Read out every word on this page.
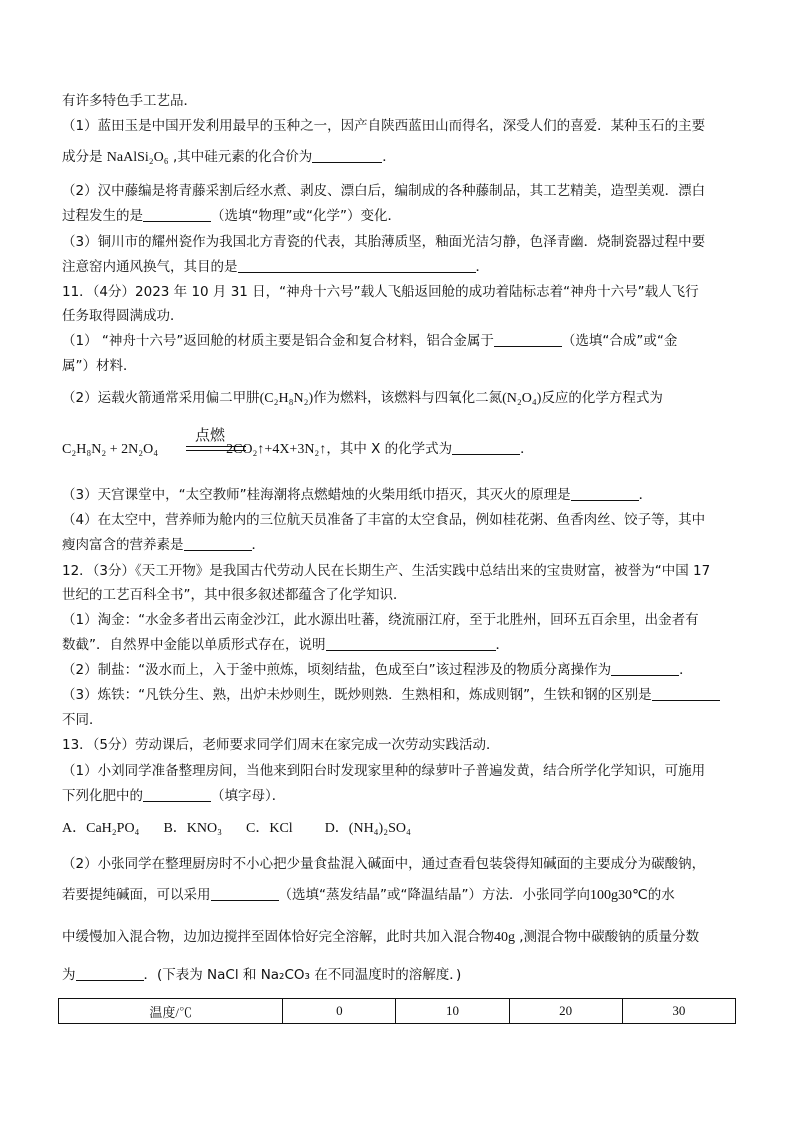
有许多特色手工艺品．
（1）蓝田玉是中国开发利用最早的玉种之一，因产自陕西蓝田山而得名，深受人们的喜爱．某种玉石的主要
成分是 NaAlSi₂O₆ ,其中硅元素的化合价为	．
（2）汉中藤编是将青藤采割后经水煮、剥皮、漂白后，编制成的各种藤制品，其工艺精美，造型美观．漂白
过程发生的是	（选填“物理”或“化学”）变化．
（3）铜川市的耀州瓷作为我国北方青瓷的代表，其胎薄质坚，釉面光洁匀静，色泽青幽．烧制瓷器过程中要
注意窑内通风换气，其目的是	．
11．（4分）2023 年 10 月 31 日，“神舟十六号”载人飞船返回舱的成功着陆标志着“神舟十六号”载人飞行
任务取得圆满成功．
（1） “神舟十六号”返回舱的材质主要是铝合金和复合材料，铝合金属于	（选填“合成”或“金
属”）材料．
（2）运载火箭通常采用偏二甲肼(C₂H₈N₂)作为燃料，该燃料与四氧化二氮(N₂O₄)反应的化学方程式为
点燃
C₂H₈N₂ + 2N₂O₄	2CO₂↑+4X+3N₂↑，其中 X 的化学式为	．
（3）天宫课堂中，“太空教师”桂海潮将点燃蜡烛的火柴用纸巾捂灭，其灭火的原理是	．
（4）在太空中，营养师为舱内的三位航天员准备了丰富的太空食品，例如桂花粥、鱼香肉丝、饺子等，其中
瘦肉富含的营养素是	．
12．（3分）《天工开物》是我国古代劳动人民在长期生产、生活实践中总结出来的宝贵财富，被誉为“中国 17
世纪的工艺百科全书”，其中很多叙述都蕴含了化学知识．
（1）淘金：“水金多者出云南金沙江，此水源出吐蕃，绕流丽江府，至于北胜州，回环五百余里，出金者有
数截”．自然界中金能以单质形式存在，说明	．
（2）制盐：“汲水而上，入于釜中煎炼，顷刻结盐，色成至白”该过程涉及的物质分离操作为	．
（3）炼铁：“凡铁分生、熟，出炉未炒则生，既炒则熟．生熟相和，炼成则钢”，生铁和钢的区别是
不同．
13．（5分）劳动课后，老师要求同学们周末在家完成一次劳动实践活动．
（1）小刘同学准备整理房间，当他来到阳台时发现家里种的绿萝叶子普遍发黄，结合所学化学知识，可施用
下列化肥中的	（填字母）．
A．CaH₂PO₄ B．KNO₃ C．KCl D．(NH₄)₂SO₄
（2）小张同学在整理厨房时不小心把少量食盐混入碱面中，通过查看包装袋得知碱面的主要成分为碳酸钠，
若要提纯碱面，可以采用	（选填“蒸发结晶”或“降温结晶”）方法．小张同学向100g30℃的水
中缓慢加入混合物，边加边搅拌至固体恰好完全溶解，此时共加入混合物40g ,测混合物中碳酸钠的质量分数
为	．(下表为 NaCl 和 Na₂CO₃ 在不同温度时的溶解度．)
温度/℃	0	10	20	30
